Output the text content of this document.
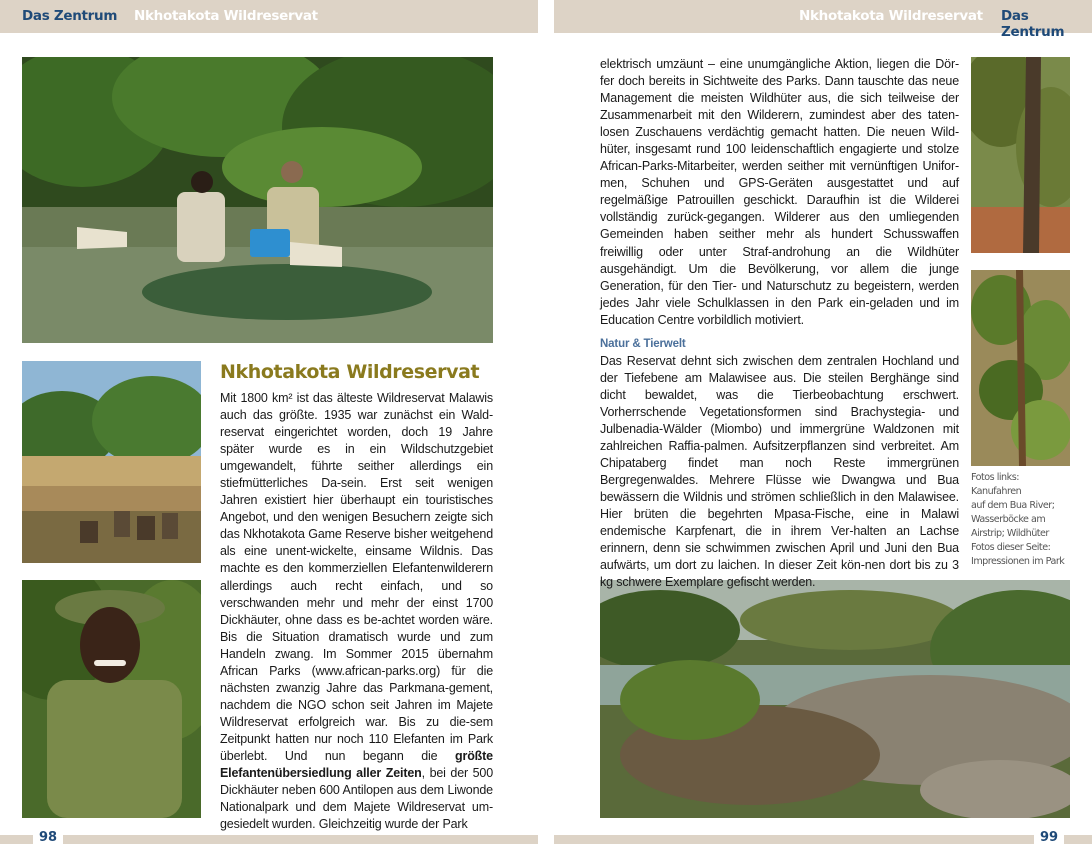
Das Zentrum Nkhotakota Wildreservat	Nkhotakota Wildreservat Das Zentrum
Nkhotakota Wildreservat

Mit 1800 km² ist das älteste Wildreservat Malawis auch das größte. 1935 war zunächst ein Wald-reservat eingerichtet worden, doch 19 Jahre später wurde es in ein Wildschutzgebiet umgewandelt, führte seither allerdings ein stiefmütterliches Da-sein. Erst seit wenigen Jahren existiert hier überhaupt ein touristisches Angebot, und den wenigen Besuchern zeigte sich das Nkhotakota Game Reserve bisher weitgehend als eine unent-wickelte, einsame Wildnis. Das machte es den kommerziellen Elefantenwilderern allerdings auch recht einfach, und so verschwanden mehr und mehr der einst 1700 Dickhäuter, ohne dass es be-achtet worden wäre. Bis die Situation dramatisch wurde und zum Handeln zwang. Im Sommer 2015 übernahm African Parks (www.african-parks.org) für die nächsten zwanzig Jahre das Parkmana-gement, nachdem die NGO schon seit Jahren im Majete Wildreservat erfolgreich war. Bis zu die-sem Zeitpunkt hatten nur noch 110 Elefanten im Park überlebt. Und nun begann die größte Elefantenübersiedlung aller Zeiten, bei der 500 Dickhäuter neben 600 Antilopen aus dem Liwonde Nationalpark und dem Majete Wildreservat um-gesiedelt wurden. Gleichzeitig wurde der Park

elektrisch umzäunt – eine unumgängliche Aktion, liegen die Dör-fer doch bereits in Sichtweite des Parks. Dann tauschte das neue Management die meisten Wildhüter aus, die sich teilweise der Zusammenarbeit mit den Wilderern, zumindest aber des taten-losen Zuschauens verdächtig gemacht hatten. Die neuen Wild-hüter, insgesamt rund 100 leidenschaftlich engagierte und stolze African-Parks-Mitarbeiter, werden seither mit vernünftigen Unifor-men, Schuhen und GPS-Geräten ausgestattet und auf regelmäßige Patrouillen geschickt. Daraufhin ist die Wilderei vollständig zurück-gegangen. Wilderer aus den umliegenden Gemeinden haben seither mehr als hundert Schusswaffen freiwillig oder unter Straf-androhung an die Wildhüter ausgehändigt. Um die Bevölkerung, vor allem die junge Generation, für den Tier- und Naturschutz zu begeistern, werden jedes Jahr viele Schulklassen in den Park ein-geladen und im Education Centre vorbildlich motiviert.

Natur & Tierwelt

Das Reservat dehnt sich zwischen dem zentralen Hochland und der Tiefebene am Malawisee aus. Die steilen Berghänge sind dicht bewaldet, was die Tierbeobachtung erschwert. Vorherrschende Vegetationsformen sind Brachystegia- und Julbenadia-Wälder (Miombo) und immergrüne Waldzonen mit zahlreichen Raffia-palmen. Aufsitzerpflanzen sind verbreitet. Am Chipataberg findet man noch Reste immergrünen Bergregenwaldes. Mehrere Flüsse wie Dwangwa und Bua bewässern die Wildnis und strömen schließlich in den Malawisee. Hier brüten die begehrten Mpasa-Fische, eine in Malawi endemische Karpfenart, die in ihrem Ver-halten an Lachse erinnern, denn sie schwimmen zwischen April und Juni den Bua aufwärts, um dort zu laichen. In dieser Zeit kön-nen dort bis zu 3 kg schwere Exemplare gefischt werden.

Fotos links: Kanufahren
auf dem Bua River;
Wasserböcke am
Airstrip; Wildhüter
Fotos dieser Seite:
Impressionen im Park
98	99
